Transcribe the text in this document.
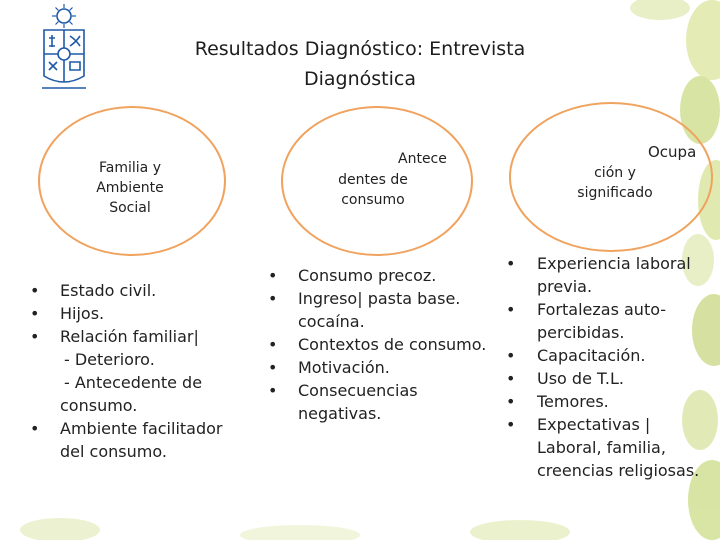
Resultados Diagnóstico: Entrevista
Diagnóstica
Familia y
Ambiente
Social
Antece
dentes de
consumo
Ocupa
ción y
significado
• Estado civil.
• Hijos.
• Relación familiar|
- Deterioro.
- Antecedente de
consumo.
• Ambiente facilitador
del consumo.
• Consumo precoz.
• Ingreso| pasta base.
cocaína.
• Contextos de consumo.
• Motivación.
• Consecuencias
negativas.
• Experiencia laboral
previa.
• Fortalezas auto-
percibidas.
• Capacitación.
• Uso de T.L.
• Temores.
• Expectativas |
Laboral, familia,
creencias religiosas.
